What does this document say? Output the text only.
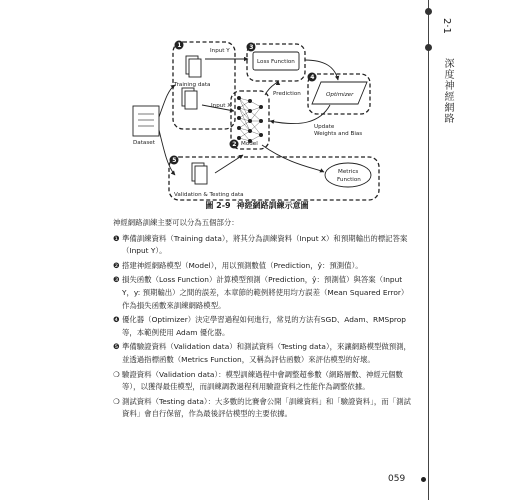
2·1
深度神經網路
Training data
Input Y
Input X
Model
Loss Function
Optimizer
Validation & Testing data
Metrics
Function
Dataset
Prediction
Update
Weights and Bias
1
2
3
4
5
圖 2-9 神經網路訓練示意圖

神經網路訓練主要可以分為五個部分：

❶ 準備訓練資料（Training data），將其分為訓練資料（Input X）和預期輸出的標記答案（Input Y）。

❷ 搭建神經網路模型（Model），用以預測數值（Prediction，ŷ：預測值）。

❸ 損失函數（Loss Function）計算模型預測（Prediction，ŷ：預測值）與答案（Input Y，y: 預期輸出）之間的誤差，本章節的範例將使用均方誤差（Mean Squared Error）作為損失函數來訓練網路模型。

❹ 優化器（Optimizer）決定學習過程如何進行，常見的方法有SGD、Adam、RMSprop 等，本範例使用 Adam 優化器。

❺ 準備驗證資料（Validation data）和測試資料（Testing data），來讓網路模型做預測，並透過指標函數（Metrics Function，又稱為評估函數）來評估模型的好壞。

❍ 驗證資料（Validation data）：模型訓練過程中會調整超參數（網路層數、神經元個數等），以獲得最佳模型，而訓練調教過程利用驗證資料之性能作為調整依據。

❍ 測試資料（Testing data）：大多數的比賽會公開「訓練資料」和「驗證資料」，而「測試資料」會自行保留，作為最後評估模型的主要依據。

059
